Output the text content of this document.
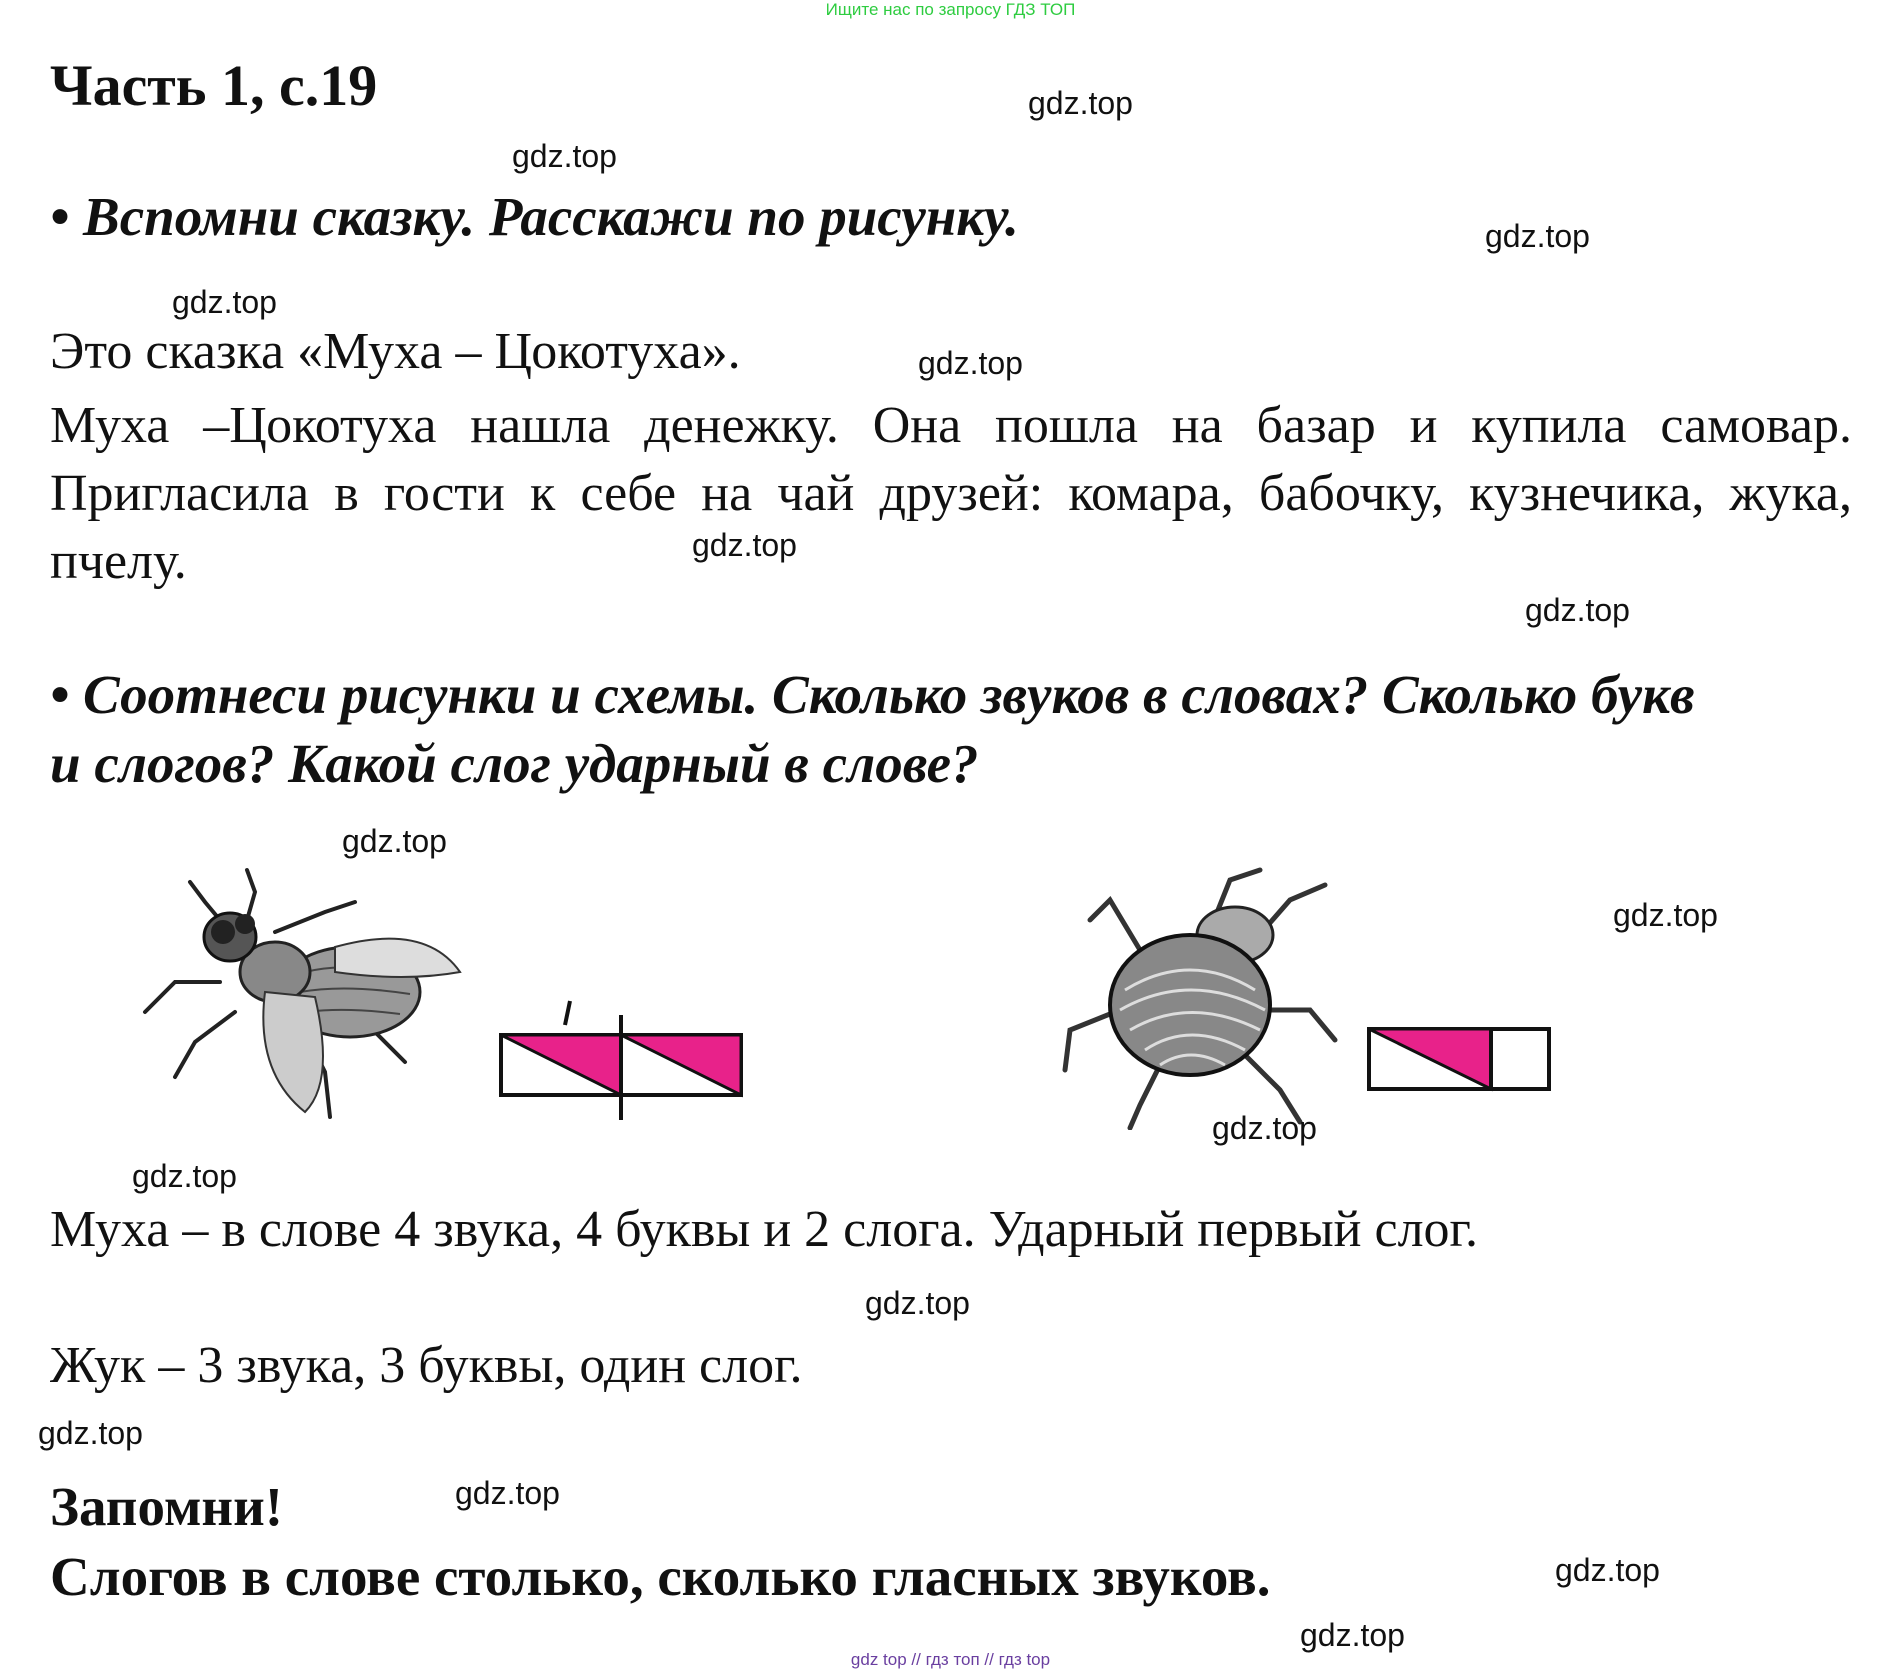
Ищите нас по запросу ГДЗ ТОП
Часть 1, с.19
• Вспомни сказку. Расскажи по рисунку.
Это сказка «Муха – Цокотуха».
Муха –Цокотуха нашла денежку. Она пошла на базар и купила самовар. Пригласила в гости к себе на чай друзей: комара, бабочку, кузнечика, жука, пчелу.
• Соотнеси рисунки и схемы. Сколько звуков в словах? Сколько букв
и слогов? Какой слог ударный в слове?
Муха – в слове 4 звука, 4 буквы и 2 слога. Ударный первый слог.
Жук – 3 звука, 3 буквы, один слог.
Запомни!
Слогов в слове столько, сколько гласных звуков.
gdz.top
gdz.top
gdz.top
gdz.top
gdz.top
gdz.top
gdz.top
gdz.top
gdz.top
gdz.top
gdz.top
gdz.top
gdz.top
gdz.top
gdz.top
gdz.top
gdz top // гдз топ // гдз top
